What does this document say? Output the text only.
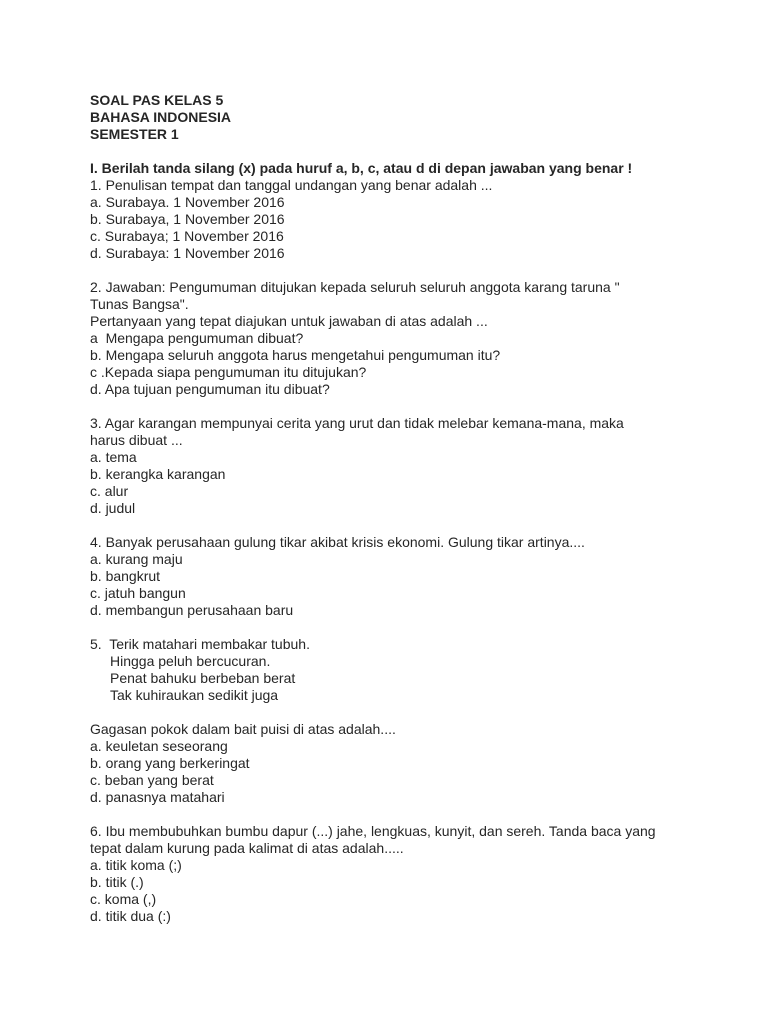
SOAL PAS KELAS 5
BAHASA INDONESIA
SEMESTER 1
I. Berilah tanda silang (x) pada huruf a, b, c, atau d di depan jawaban yang benar !
1. Penulisan tempat dan tanggal undangan yang benar adalah ...
a. Surabaya. 1 November 2016
b. Surabaya, 1 November 2016
c. Surabaya; 1 November 2016
d. Surabaya: 1 November 2016
2. Jawaban: Pengumuman ditujukan kepada seluruh seluruh anggota karang taruna "
Tunas Bangsa".
Pertanyaan yang tepat diajukan untuk jawaban di atas adalah ...
a  Mengapa pengumuman dibuat?
b. Mengapa seluruh anggota harus mengetahui pengumuman itu?
c .Kepada siapa pengumuman itu ditujukan?
d. Apa tujuan pengumuman itu dibuat?
3. Agar karangan mempunyai cerita yang urut dan tidak melebar kemana-mana, maka
harus dibuat ...
a. tema
b. kerangka karangan
c. alur
d. judul
4. Banyak perusahaan gulung tikar akibat krisis ekonomi. Gulung tikar artinya....
a. kurang maju
b. bangkrut
c. jatuh bangun
d. membangun perusahaan baru
5.  Terik matahari membakar tubuh.
Hingga peluh bercucuran.
Penat bahuku berbeban berat
Tak kuhiraukan sedikit juga
Gagasan pokok dalam bait puisi di atas adalah....
a. keuletan seseorang
b. orang yang berkeringat
c. beban yang berat
d. panasnya matahari
6. Ibu membubuhkan bumbu dapur (...) jahe, lengkuas, kunyit, dan sereh. Tanda baca yang
tepat dalam kurung pada kalimat di atas adalah.....
a. titik koma (;)
b. titik (.)
c. koma (,)
d. titik dua (:)
